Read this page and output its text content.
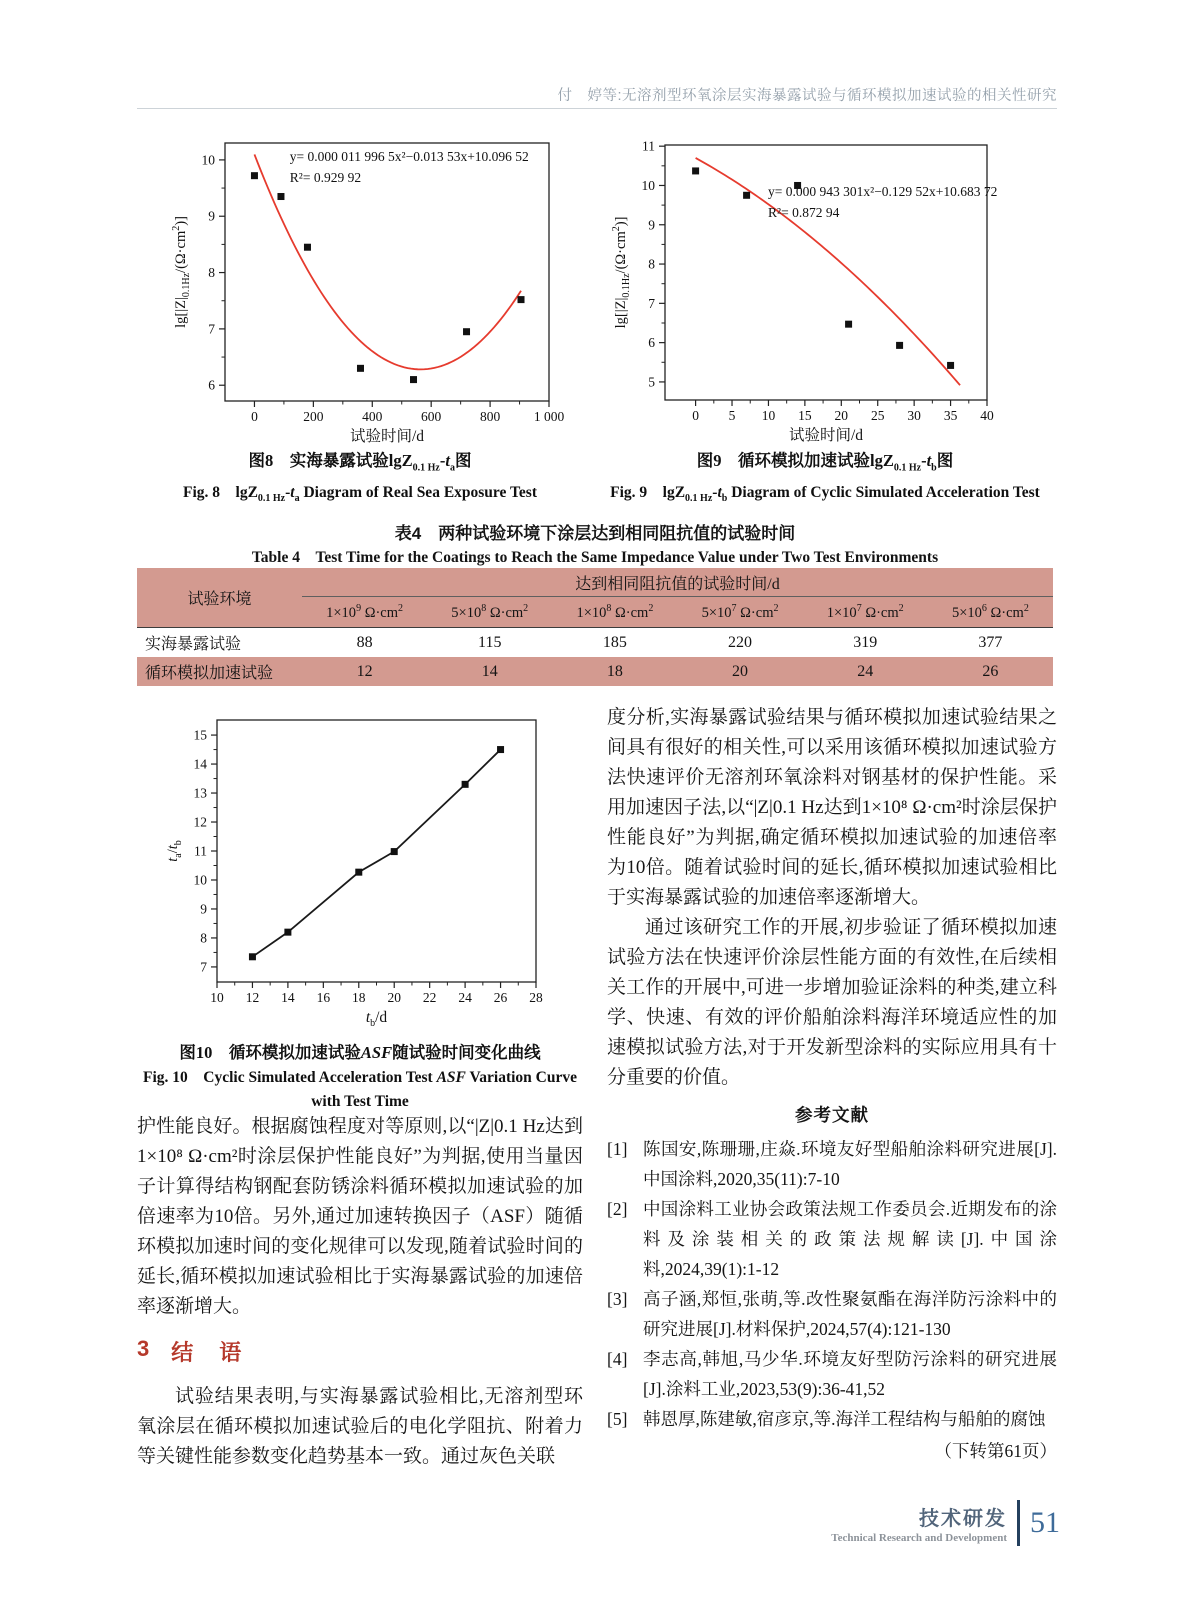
付　婷等:无溶剂型环氧涂层实海暴露试验与循环模拟加速试验的相关性研究
0	200	400	600	800 1 000
6
7
8
9
10	y= 0.000 011 996 5x²−0.013 53x+10.096 52
R²= 0.929 92
试验时间/d
$\lg[|Z|_{0.1Hz}/(\Omega\cdot cm^2)]$
0 5 10 15 20 25 30 35 40
5
6
7
8
9
10
11
y= 0.000 943 301x²−0.129 52x+10.683 72
R²= 0.872 94
试验时间/d
$\lg[|Z|_{0.1Hz}/(\Omega\cdot cm^2)]$
图8　实海暴露试验$\lg Z_{0.1 Hz}-t_a$图
Fig. 8　$\lg Z_{0.1 Hz}-t_a$ Diagram of Real Sea Exposure Test
图9　循环模拟加速试验$\lg Z_{0.1 Hz}-t_b$图
Fig. 9　$\lg Z_{0.1 Hz}-t_b$ Diagram of Cyclic Simulated Acceleration Test
表4　两种试验环境下涂层达到相同阻抗值的试验时间
Table 4　Test Time for the Coatings to Reach the Same Impedance Value under Two Test Environments
试验环境	达到相同阻抗值的试验时间/d					
	$1\times 10^9$ $\Omega\cdot cm^2$	$5\times 10^8$ $\Omega\cdot cm^2$	$1\times 10^8$ $\Omega\cdot cm^2$	$5\times 10^7$ $\Omega\cdot cm^2$	$1\times 10^7$ $\Omega\cdot cm^2$	$5\times 10^6$ $\Omega\cdot cm^2$
实海暴露试验	88	115	185	220	319	377
循环模拟加速试验	12	14	18	20	24	26
10 12 14 16 18 20 22 24 26 28
7
8
9
10
11
12
13
14
15
$t_b/d$
$t_a/t_b$
图10　循环模拟加速试验ASF随试验时间变化曲线
Fig. 10　Cyclic Simulated Acceleration Test ASF Variation Curve with Test Time
护性能良好。根据腐蚀程度对等原则,以“|Z|0.1 Hz达到1×10⁸ Ω·cm²时涂层保护性能良好”为判据,使用当量因子计算得结构钢配套防锈涂料循环模拟加速试验的加倍速率为10倍。另外,通过加速转换因子（ASF）随循环模拟加速时间的变化规律可以发现,随着试验时间的延长,循环模拟加速试验相比于实海暴露试验的加速倍率逐渐增大。
3 结　语
试验结果表明,与实海暴露试验相比,无溶剂型环氧涂层在循环模拟加速试验后的电化学阻抗、附着力等关键性能参数变化趋势基本一致。通过灰色关联
度分析,实海暴露试验结果与循环模拟加速试验结果之间具有很好的相关性,可以采用该循环模拟加速试验方法快速评价无溶剂环氧涂料对钢基材的保护性能。采用加速因子法,以“|Z|0.1 Hz达到1×10⁸ Ω·cm²时涂层保护性能良好”为判据,确定循环模拟加速试验的加速倍率为10倍。随着试验时间的延长,循环模拟加速试验相比于实海暴露试验的加速倍率逐渐增大。
通过该研究工作的开展,初步验证了循环模拟加速试验方法在快速评价涂层性能方面的有效性,在后续相关工作的开展中,可进一步增加验证涂料的种类,建立科学、快速、有效的评价船舶涂料海洋环境适应性的加速模拟试验方法,对于开发新型涂料的实际应用具有十分重要的价值。
参考文献
[1] 陈国安,陈珊珊,庄焱.环境友好型船舶涂料研究进展[J].中国涂料,2020,35(11):7-10
[2] 中国涂料工业协会政策法规工作委员会.近期发布的涂料及涂装相关的政策法规解读[J].中国涂料,2024,39(1):1-12
[3] 高子涵,郑恒,张萌,等.改性聚氨酯在海洋防污涂料中的研究进展[J].材料保护,2024,57(4):121-130
[4] 李志高,韩旭,马少华.环境友好型防污涂料的研究进展[J].涂料工业,2023,53(9):36-41,52
[5] 韩恩厚,陈建敏,宿彦京,等.海洋工程结构与船舶的腐蚀
（下转第61页）
技术研发
Technical Research and Development 51
